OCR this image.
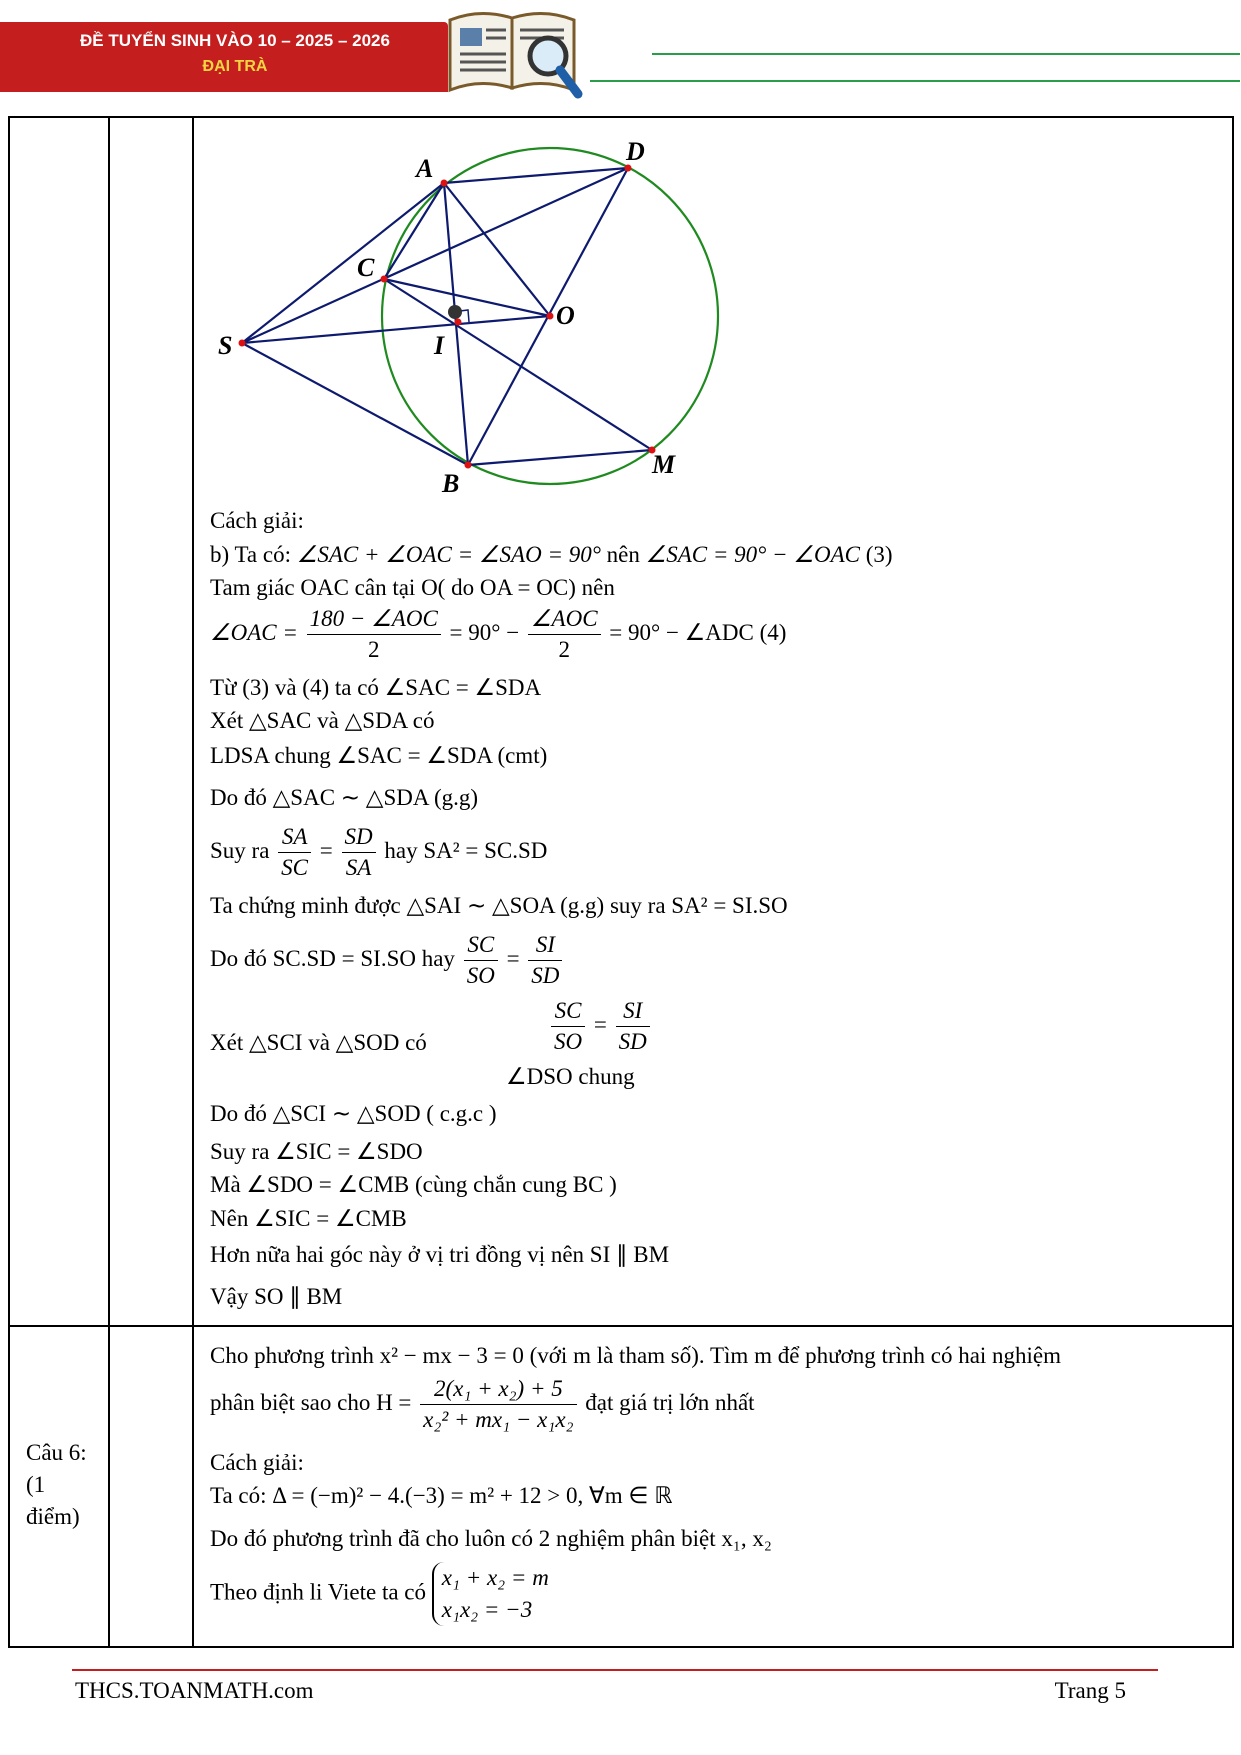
ĐỀ TUYỂN SINH VÀO 10 – 2025 – 2026
ĐẠI TRÀ
A
D
C
O
S	I
B
M
Cách giải:
b) Ta có: ∠SAC + ∠OAC = ∠SAO = 90° nên ∠SAC = 90° − ∠OAC (3)
Tam giác OAC cân tại O( do OA = OC) nên
∠OAC = $\frac{\text{180 − ∠AOC}}{2} = 90^\circ - \frac{\text{∠AOC}}{2} = 90^\circ$ − ∠ADC (4)
Từ (3) và (4) ta có ∠SAC = ∠SDA
Xét △SAC và △SDA có
LDSA chung ∠SAC = ∠SDA (cmt)
Do đó △SAC ∼ △SDA (g.g)
Suy ra $\frac{SA}{SC} = \frac{SD}{SA}$ hay SA² = SC.SD
Ta chứng minh được △SAI ∼ △SOA (g.g) suy ra SA² = SI.SO
Do đó SC.SD = SI.SO hay $\frac{SC}{SO} = \frac{SI}{SD}$
Xét △SCI và △SOD có	$\frac{SC}{SO} = \frac{SI}{SD}$
∠DSO chung
Do đó △SCI ∼ △SOD ( c.g.c )
Suy ra ∠SIC = ∠SDO
Mà ∠SDO = ∠CMB (cùng chắn cung BC )
Nên ∠SIC = ∠CMB
Hơn nữa hai góc này ở vị tri đồng vị nên SI ∥ BM
Vậy SO ∥ BM
Câu 6: (1 điểm)
Cho phương trình x² − mx − 3 = 0 (với m là tham số). Tìm m để phương trình có hai nghiệm
phân biệt sao cho $H = \frac{\text{2(x₁ + x₂) + 5}}{\text{x₂² + mx₁ − x₁x₂}}$ đạt giá trị lớn nhất
Cách giải:
Ta có: Δ = (−m)² − 4.(−3) = m² + 12 > 0, ∀m ∈ ℝ
Do đó phương trình đã cho luôn có 2 nghiệm phân biệt x₁, x₂
Theo định li Viete ta có
x₁ + x₂ = m
x₁x₂ = −3
THCS.TOANMATH.com	Trang 5
